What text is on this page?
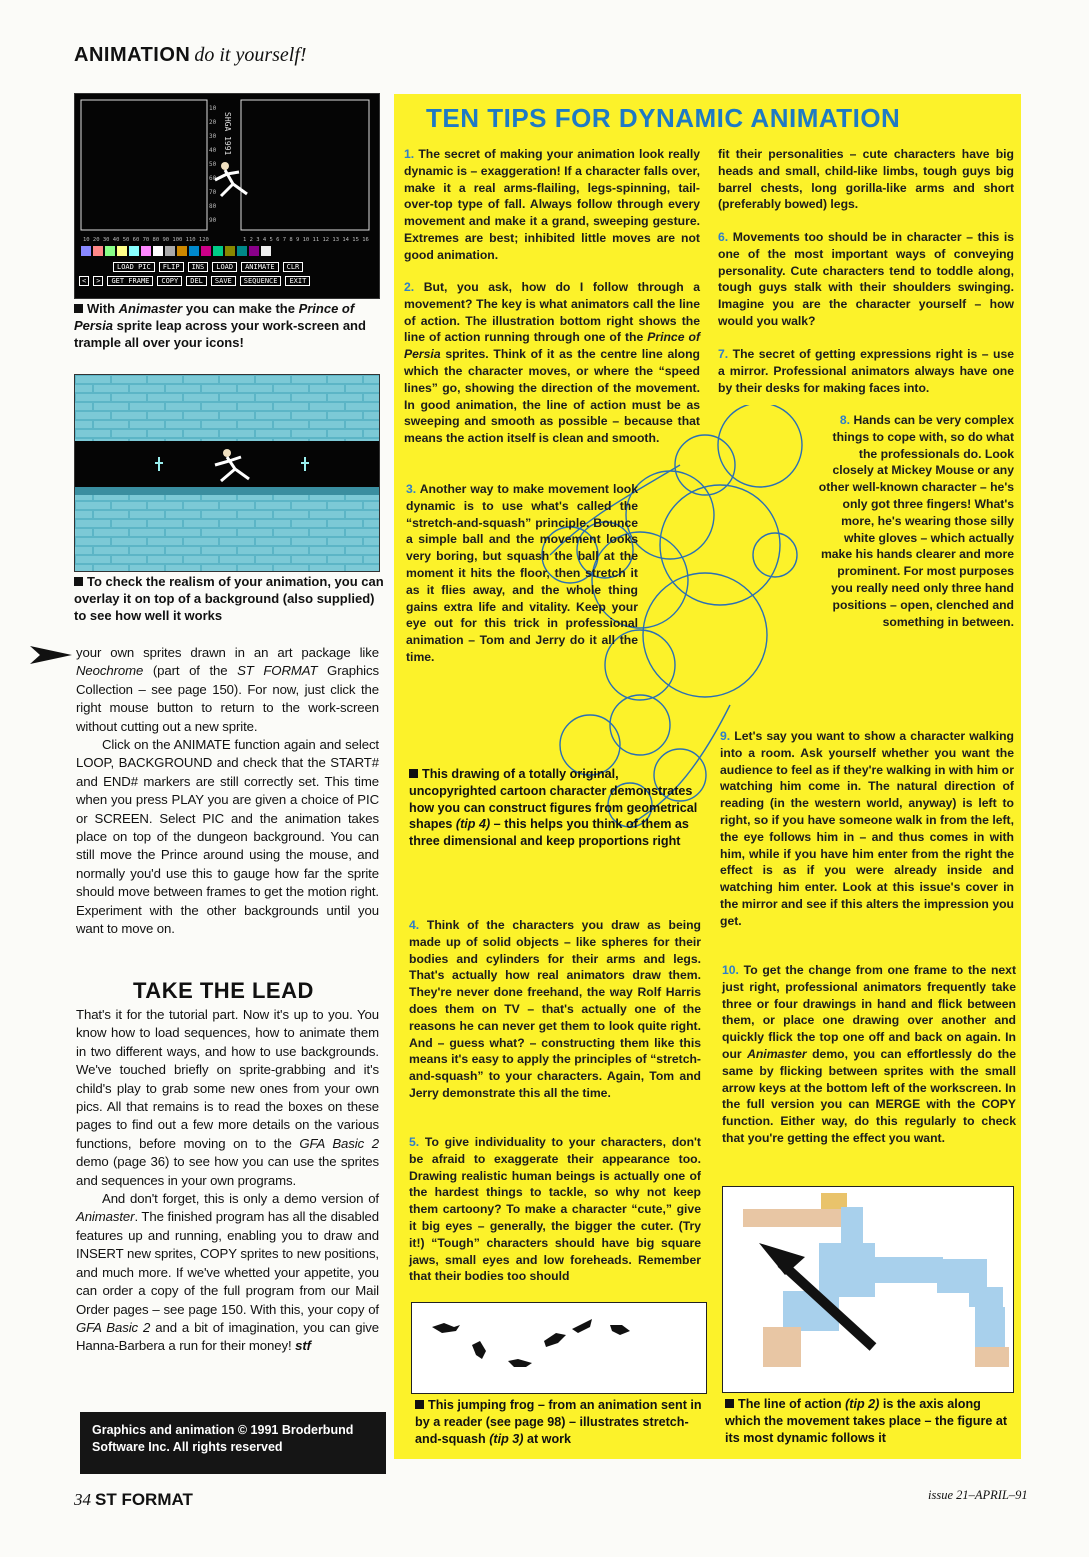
ANIMATION do it yourself!
10
20
30
40
50
60
70
80
90
SHGA 1991
10 20 30 40 50 60 70 80 90 100 110 120	1 2 3 4 5 6 7 8 9 10 11 12 13 14 15 16
LOAD PIC	FLIP	INS	LOAD	ANIMATE	CLR
<	>	GET FRAME	COPY	DEL	SAVE	SEQUENCE	EXIT
With Animaster you can make the Prince of Persia sprite leap across your work-screen and trample all over your icons!
To check the realism of your animation, you can overlay it on top of a background (also supplied) to see how well it works

your own sprites drawn in an art package like Neochrome (part of the ST FORMAT Graphics Collection – see page 150). For now, just click the right mouse button to return to the work-screen without cutting out a new sprite.

Click on the ANIMATE function again and select LOOP, BACKGROUND and check that the START# and END# markers are still correctly set. This time when you press PLAY you are given a choice of PIC or SCREEN. Select PIC and the animation takes place on top of the dungeon background. You can still move the Prince around using the mouse, and normally you'd use this to gauge how far the sprite should move between frames to get the motion right. Experiment with the other backgrounds until you want to move on.

TAKE THE LEAD

That's it for the tutorial part. Now it's up to you. You know how to load sequences, how to animate them in two different ways, and how to use backgrounds. We've touched briefly on sprite-grabbing and it's child's play to grab some new ones from your own pics. All that remains is to read the boxes on these pages to find out a few more details on the various functions, before moving on to the GFA Basic 2 demo (page 36) to see how you can use the sprites and sequences in your own programs.

And don't forget, this is only a demo version of Animaster. The finished program has all the disabled features up and running, enabling you to draw and INSERT new sprites, COPY sprites to new positions, and much more. If we've whetted your appetite, you can order a copy of the full program from our Mail Order pages – see page 150. With this, your copy of GFA Basic 2 and a bit of imagination, you can give Hanna-Barbera a run for their money! stf

Graphics and animation © 1991 Broderbund Software Inc. All rights reserved
34 ST FORMAT	issue 21–APRIL–91
TEN TIPS FOR DYNAMIC ANIMATION
1. The secret of making your animation look really dynamic is – exaggeration! If a character falls over, make it a real arms-flailing, legs-spinning, tail-over-top type of fall. Always follow through every movement and make it a grand, sweeping gesture. Extremes are best; inhibited little moves are not good animation.
2. But, you ask, how do I follow through a movement? The key is what animators call the line of action. The illustration bottom right shows the line of action running through one of the Prince of Persia sprites. Think of it as the centre line along which the character moves, or where the “speed lines” go, showing the direction of the movement. In good animation, the line of action must be as sweeping and smooth as possible – because that means the action itself is clean and smooth.
3. Another way to make movement look dynamic is to use what's called the “stretch-and-squash” principle. Bounce a simple ball and the movement looks very boring, but squash the ball at the moment it hits the floor, then stretch it as it flies away, and the whole thing gains extra life and vitality. Keep your eye out for this trick in professional animation – Tom and Jerry do it all the time.
This drawing of a totally original, uncopyrighted cartoon character demonstrates how you can construct figures from geometrical shapes (tip 4) – this helps you think of them as three dimensional and keep proportions right
4. Think of the characters you draw as being made up of solid objects – like spheres for their bodies and cylinders for their arms and legs. That's actually how real animators draw them. They're never done freehand, the way Rolf Harris does them on TV – that's actually one of the reasons he can never get them to look quite right. And – guess what? – constructing them like this means it's easy to apply the principles of “stretch-and-squash” to your characters. Again, Tom and Jerry demonstrate this all the time.
5. To give individuality to your characters, don't be afraid to exaggerate their appearance too. Drawing realistic human beings is actually one of the hardest things to tackle, so why not keep them cartoony? To make a character “cute,” give it big eyes – generally, the bigger the cuter. (Try it!) “Tough” characters should have big square jaws, small eyes and low foreheads. Remember that their bodies too should
fit their personalities – cute characters have big heads and small, child-like limbs, tough guys big barrel chests, long gorilla-like arms and short (preferably bowed) legs.
6. Movements too should be in character – this is one of the most important ways of conveying personality. Cute characters tend to toddle along, tough guys stalk with their shoulders swinging. Imagine you are the character yourself – how would you walk?
7. The secret of getting expressions right is – use a mirror. Professional animators always have one by their desks for making faces into.
8. Hands can be very complex things to cope with, so do what the professionals do. Look closely at Mickey Mouse or any other well-known character – he's only got three fingers! What's more, he's wearing those silly white gloves – which actually make his hands clearer and more prominent. For most purposes you really need only three hand positions – open, clenched and something in between.
9. Let's say you want to show a character walking into a room. Ask yourself whether you want the audience to feel as if they're walking in with him or watching him come in. The natural direction of reading (in the western world, anyway) is left to right, so if you have someone walk in from the left, the eye follows him in – and thus comes in with him, while if you have him enter from the right the effect is as if you were already inside and watching him enter. Look at this issue's cover in the mirror and see if this alters the impression you get.
10. To get the change from one frame to the next just right, professional animators frequently take three or four drawings in hand and flick between them, or place one drawing over another and quickly flick the top one off and back on again. In our Animaster demo, you can effortlessly do the same by flicking between sprites with the small arrow keys at the bottom left of the workscreen. In the full version you can MERGE with the COPY function. Either way, do this regularly to check that you're getting the effect you want.
This jumping frog – from an animation sent in by a reader (see page 98) – illustrates stretch-and-squash (tip 3) at work
The line of action (tip 2) is the axis along which the movement takes place – the figure at its most dynamic follows it
